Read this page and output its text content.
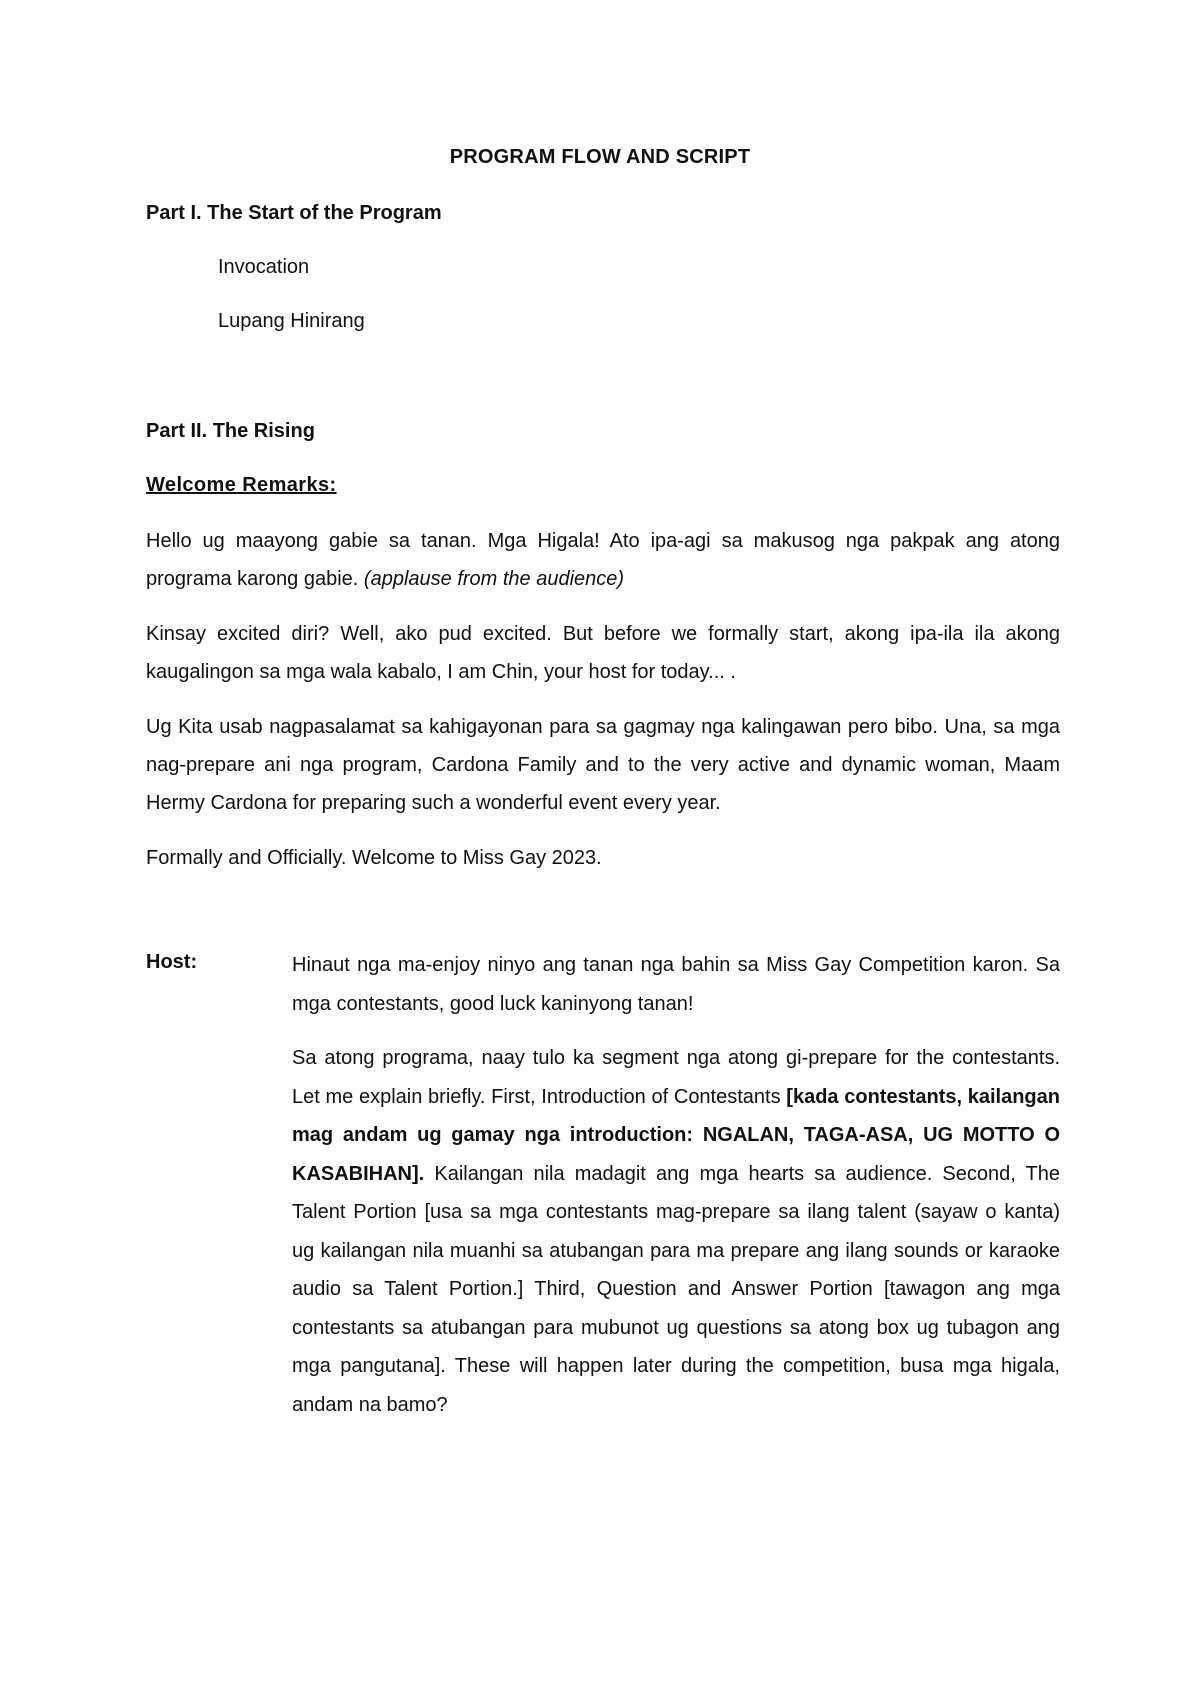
PROGRAM FLOW AND SCRIPT
Part I. The Start of the Program
Invocation
Lupang Hinirang
Part II. The Rising
Welcome Remarks:

Hello ug maayong gabie sa tanan. Mga Higala! Ato ipa-agi sa makusog nga pakpak ang atong programa karong gabie. (applause from the audience)

Kinsay excited diri? Well, ako pud excited. But before we formally start, akong ipa-ila ila akong kaugalingon sa mga wala kabalo, I am Chin, your host for today... .

Ug Kita usab nagpasalamat sa kahigayonan para sa gagmay nga kalingawan pero bibo. Una, sa mga nag-prepare ani nga program, Cardona Family and to the very active and dynamic woman, Maam Hermy Cardona for preparing such a wonderful event every year.

Formally and Officially. Welcome to Miss Gay 2023.

Host:	Hinaut nga ma-enjoy ninyo ang tanan nga bahin sa Miss Gay Competition karon. Sa mga contestants, good luck kaninyong tanan!

Sa atong programa, naay tulo ka segment nga atong gi-prepare for the contestants. Let me explain briefly. First, Introduction of Contestants [kada contestants, kailangan mag andam ug gamay nga introduction: NGALAN, TAGA-ASA, UG MOTTO O KASABIHAN]. Kailangan nila madagit ang mga hearts sa audience. Second, The Talent Portion [usa sa mga contestants mag-prepare sa ilang talent (sayaw o kanta) ug kailangan nila muanhi sa atubangan para ma prepare ang ilang sounds or karaoke audio sa Talent Portion.] Third, Question and Answer Portion [tawagon ang mga contestants sa atubangan para mubunot ug questions sa atong box ug tubagon ang mga pangutana]. These will happen later during the competition, busa mga higala, andam na bamo?
